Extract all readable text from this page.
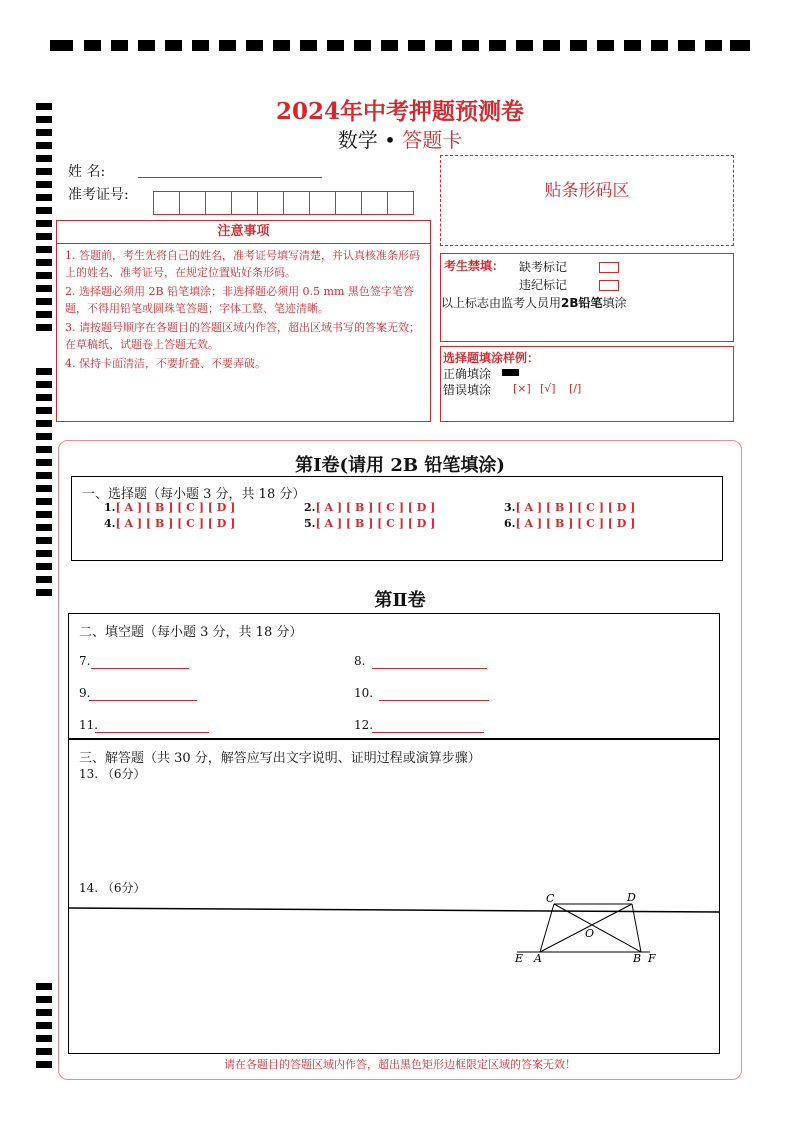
2024年中考押题预测卷
数学 • 答题卡
姓 名:
准考证号:	贴条形码区
注意事项
1. 答题前，考生先将自己的姓名，准考证号填写清楚，并认真核准条形码上的姓名、准考证号，在规定位置贴好条形码。
2. 选择题必须用 2B 铅笔填涂；非选择题必须用 0.5 mm 黑色签字笔答题，不得用铅笔或圆珠笔答题；字体工整、笔迹清晰。
3. 请按题号顺序在各题目的答题区域内作答，超出区域书写的答案无效；在草稿纸、试题卷上答题无效。
4. 保持卡面清洁，不要折叠、不要弄破。
考生禁填： 缺考标记
违纪标记
以上标志由监考人员用2B铅笔填涂
选择题填涂样例：
正确填涂
错误填涂 [×] [√] [/]
第Ⅰ卷(请用 2B 铅笔填涂)
一、选择题（每小题 3 分，共 18 分）
1.[ A ] [ B ] [ C ] [ D ]	2.[ A ] [ B ] [ C ] [ D ]	3.[ A ] [ B ] [ C ] [ D ]
4.[ A ] [ B ] [ C ] [ D ]	5.[ A ] [ B ] [ C ] [ D ]	6.[ A ] [ B ] [ C ] [ D ]
第Ⅱ卷
二、填空题（每小题 3 分，共 18 分）
7.	8.
9.	10.
11.	12.
三、解答题（共 30 分，解答应写出文字说明、证明过程或演算步骤）
13. （6分）
14. （6分）
C	D
O
E A	B F
请在各题目的答题区域内作答，超出黑色矩形边框限定区域的答案无效！
